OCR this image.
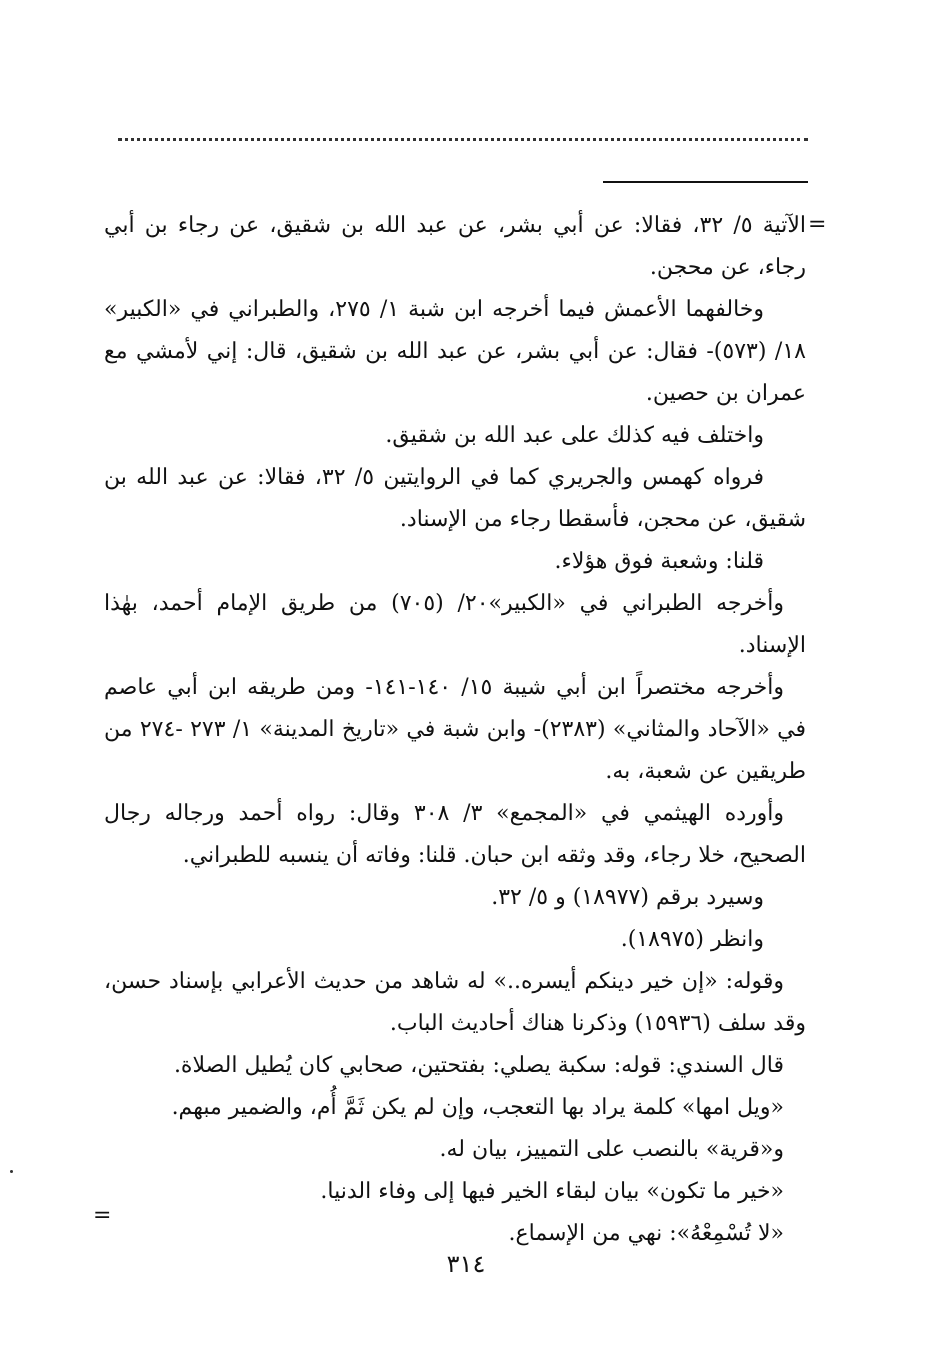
=

الآتية ٥/ ٣٢، فقالا: عن أبي بشر، عن عبد الله بن شقيق، عن رجاء بن أبي رجاء، عن محجن.

وخالفهما الأعمش فيما أخرجه ابن شبة ١/ ٢٧٥، والطبراني في «الكبير» ١٨/ (٥٧٣)- فقال: عن أبي بشر، عن عبد الله بن شقيق، قال: إني لأمشي مع عمران بن حصين.

واختلف فيه كذلك على عبد الله بن شقيق.

فرواه كهمس والجريري كما في الروايتين ٥/ ٣٢، فقالا: عن عبد الله بن شقيق، عن محجن، فأسقطا رجاء من الإسناد.

قلنا: وشعبة فوق هؤلاء.

وأخرجه الطبراني في «الكبير»٢٠/ (٧٠٥) من طريق الإمام أحمد، بهٰذا الإسناد.

وأخرجه مختصراً ابن أبي شيبة ١٥/ ١٤٠-١٤١- ومن طريقه ابن أبي عاصم في «الآحاد والمثاني» (٢٣٨٣)- وابن شبة في «تاريخ المدينة» ١/ ٢٧٣ -٢٧٤ من طريقين عن شعبة، به.

وأورده الهيثمي في «المجمع» ٣/ ٣٠٨ وقال: رواه أحمد ورجاله رجال الصحيح، خلا رجاء، وقد وثقه ابن حبان. قلنا: وفاته أن ينسبه للطبراني.

وسيرد برقم (١٨٩٧٧) و ٥/ ٣٢.

وانظر (١٨٩٧٥).

وقوله: «إن خير دينكم أيسره..» له شاهد من حديث الأعرابي بإسناد حسن، وقد سلف (١٥٩٣٦) وذكرنا هناك أحاديث الباب.

قال السندي: قوله: سكبة يصلي: بفتحتين، صحابي كان يُطيل الصلاة.

«ويل امها» كلمة يراد بها التعجب، وإن لم يكن ثَمَّ أُم، والضمير مبهم.

و«قرية» بالنصب على التمييز، بيان له.

«خير ما تكون» بيان لبقاء الخير فيها إلى وفاء الدنيا.

«لا تُسْمِعْهُ»: نهي من الإسماع.

=
٣١٤
